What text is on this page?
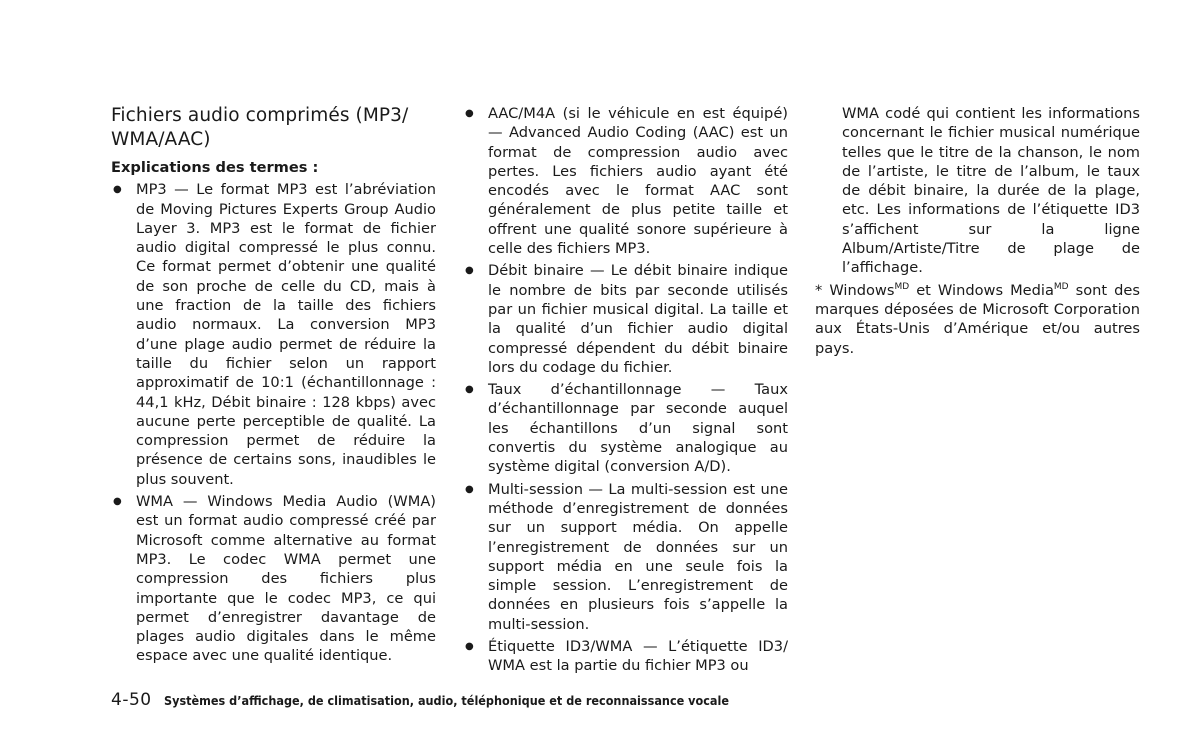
Fichiers audio comprimés (MP3/ WMA/AAC)
Explications des termes :
● MP3 — Le format MP3 est l’abréviation de Moving Pictures Experts Group Audio Layer 3. MP3 est le format de fichier audio digital compressé le plus connu. Ce format permet d’obtenir une qualité de son proche de celle du CD, mais à une fraction de la taille des fichiers audio normaux. La conversion MP3 d’une plage audio permet de réduire la taille du fichier selon un rapport approximatif de 10:1 (échantillonnage : 44,1 kHz, Débit binaire : 128 kbps) avec aucune perte perceptible de qualité. La compression permet de réduire la présence de certains sons, inaudibles le plus souvent.
● WMA — Windows Media Audio (WMA) est un format audio compressé créé par Microsoft comme alternative au format MP3. Le codec WMA permet une compression des fichiers plus importante que le codec MP3, ce qui permet d’enregistrer davantage de plages audio digitales dans le même espace avec une qualité identique.
● AAC/M4A (si le véhicule en est équipé) — Advanced Audio Coding (AAC) est un format de compression audio avec pertes. Les fichiers audio ayant été encodés avec le format AAC sont généralement de plus petite taille et offrent une qualité sonore supérieure à celle des fichiers MP3.
● Débit binaire — Le débit binaire indique le nombre de bits par seconde utilisés par un fichier musical digital. La taille et la qualité d’un fichier audio digital compressé dépendent du débit binaire lors du codage du fichier.
● Taux d’échantillonnage — Taux d’échantillonnage par seconde auquel les échantillons d’un signal sont convertis du système analogique au système digital (conversion A/D).
● Multi-session — La multi-session est une méthode d’enregistrement de données sur un support média. On appelle l’enregistrement de données sur un support média en une seule fois la simple session. L’enregistrement de données en plusieurs fois s’appelle la multi-session.
● Étiquette ID3/WMA — L’étiquette ID3/ WMA est la partie du fichier MP3 ou
WMA codé qui contient les informations concernant le fichier musical numérique telles que le titre de la chanson, le nom de l’artiste, le titre de l’album, le taux de débit binaire, la durée de la plage, etc. Les informations de l’étiquette ID3 s’affichent sur la ligne Album/Artiste/Titre de plage de l’affichage.

* Windows$^{MD}$ et Windows Media$^{MD}$ sont des marques déposées de Microsoft Corporation aux États-Unis d’Amérique et/ou autres pays.

4-50 Systèmes d’affichage, de climatisation, audio, téléphonique et de reconnaissance vocale
